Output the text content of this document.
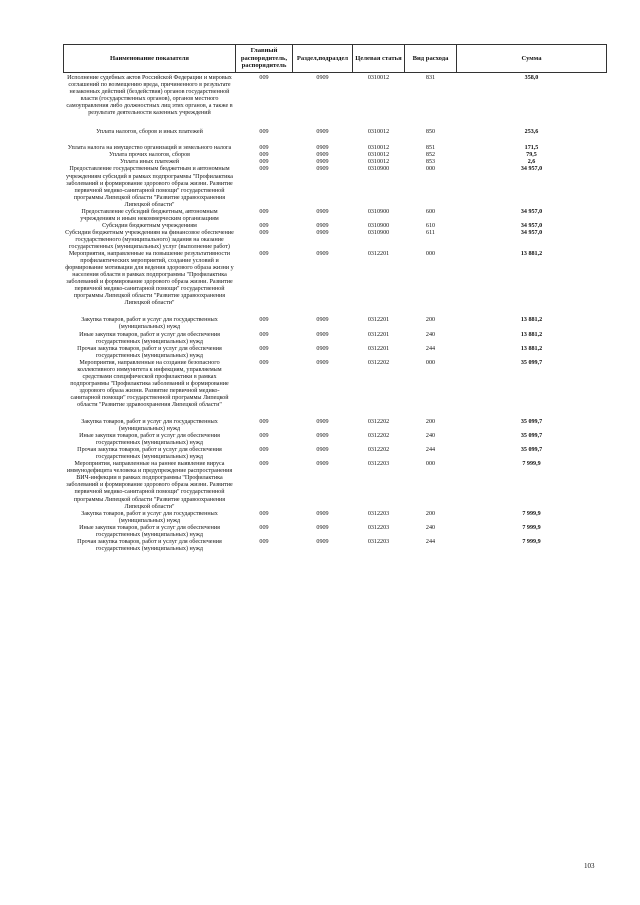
Наименование показателя	Главный распорядитель, распорядитель	Раздел,подраздел	Целевая статья	Вид расхода	Сумма
Исполнение судебных актов Российской Федерации и мировых соглашений по возмещению вреда, причиненного в результате незаконных действий (бездействия) органов государственной власти (государственных органов), органов местного самоуправления либо должностных лиц этих органов, а также в результате деятельности казенных учреждений	009	0909	0310012	831	358,0
Уплата налогов, сборов и иных платежей	009	0909	0310012	850	253,6
Уплата налога на имущество организаций и земельного налога	009	0909	0310012	851	171,5
Уплата прочих налогов, сборов	009	0909	0310012	852	79,5
Уплата иных платежей	009	0909	0310012	853	2,6
Предоставление государственным бюджетным и автономным учреждениям субсидий в рамках подпрограммы "Профилактика заболеваний и формирование здорового образа жизни. Развитие первичной медико-санитарной помощи" государственной программы Липецкой области "Развитие здравоохранения Липецкой области"	009	0909	0310900	000	34 957,0
Предоставление субсидий бюджетным, автономным учреждениям и иным некоммерческим организациям	009	0909	0310900	600	34 957,0
Субсидии бюджетным учреждениям	009	0909	0310900	610	34 957,0
Субсидии бюджетным учреждениям на финансовое обеспечение государственного (муниципального) задания на оказание государственных (муниципальных) услуг (выполнение работ)	009	0909	0310900	611	34 957,0
Мероприятия, направленные на повышение результативности профилактических мероприятий, создание условий и формирование мотивации для ведения здорового образа жизни у населения области в рамках подпрограммы "Профилактика заболеваний и формирование здорового образа жизни. Развитие первичной медико-санитарной помощи" государственной программы Липецкой области "Развитие здравоохранения Липецкой области"	009	0909	0312201	000	13 881,2
Закупка товаров, работ и услуг для государственных (муниципальных) нужд	009	0909	0312201	200	13 881,2
Иные закупки товаров, работ и услуг для обеспечения государственных (муниципальных) нужд	009	0909	0312201	240	13 881,2
Прочая закупка товаров, работ и услуг для обеспечения государственных (муниципальных) нужд	009	0909	0312201	244	13 881,2
Мероприятия, направленные на создание безопасного коллективного иммунитета к инфекциям, управляемым средствами специфической профилактики в рамках подпрограммы "Профилактика заболеваний и формирование здорового образа жизни. Развитие первичной медико-санитарной помощи" государственной программы Липецкой области "Развитие здравоохранения Липецкой области"	009	0909	0312202	000	35 099,7
Закупка товаров, работ и услуг для государственных (муниципальных) нужд	009	0909	0312202	200	35 099,7
Иные закупки товаров, работ и услуг для обеспечения государственных (муниципальных) нужд	009	0909	0312202	240	35 099,7
Прочая закупка товаров, работ и услуг для обеспечения государственных (муниципальных) нужд	009	0909	0312202	244	35 099,7
Мероприятия, направленные на раннее выявление вируса иммунодефицита человека и предупреждение распространения ВИЧ-инфекции в рамках подпрограммы "Профилактика заболеваний и формирование здорового образа жизни. Развитие первичной медико-санитарной помощи" государственной программы Липецкой области "Развитие здравоохранения Липецкой области"	009	0909	0312203	000	7 999,9
Закупка товаров, работ и услуг для государственных (муниципальных) нужд	009	0909	0312203	200	7 999,9
Иные закупки товаров, работ и услуг для обеспечения государственных (муниципальных) нужд	009	0909	0312203	240	7 999,9
Прочая закупка товаров, работ и услуг для обеспечения государственных (муниципальных) нужд	009	0909	0312203	244	7 999,9
103
